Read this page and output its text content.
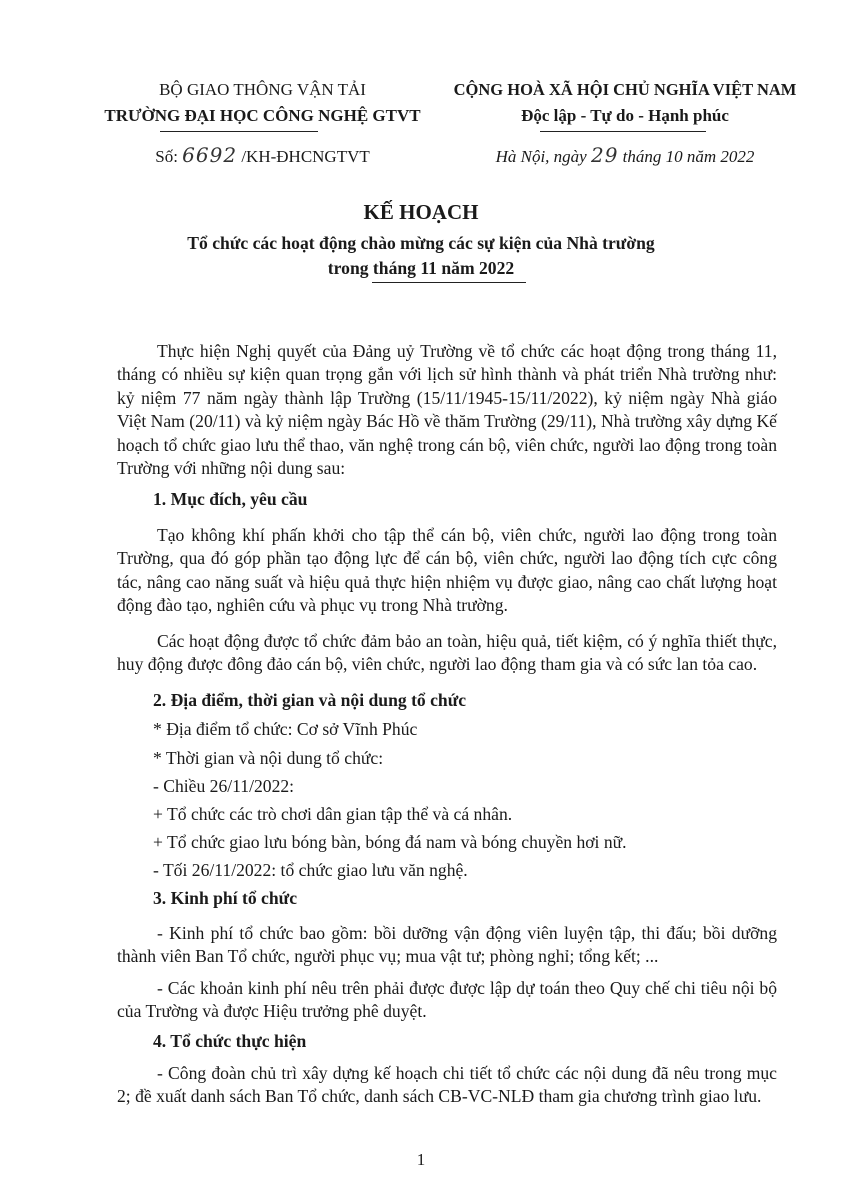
BỘ GIAO THÔNG VẬN TẢI
TRƯỜNG ĐẠI HỌC CÔNG NGHỆ GTVT
Số: 6692 /KH-ĐHCNGTVT
CỘNG HOÀ XÃ HỘI CHỦ NGHĨA VIỆT NAM
Độc lập - Tự do - Hạnh phúc
Hà Nội, ngày 29 tháng 10 năm 2022
KẾ HOẠCH
Tổ chức các hoạt động chào mừng các sự kiện của Nhà trường
trong tháng 11 năm 2022
Thực hiện Nghị quyết của Đảng uỷ Trường về tổ chức các hoạt động trong tháng 11, tháng có nhiều sự kiện quan trọng gắn với lịch sử hình thành và phát triển Nhà trường như: kỷ niệm 77 năm ngày thành lập Trường (15/11/1945-15/11/2022), kỷ niệm ngày Nhà giáo Việt Nam (20/11) và kỷ niệm ngày Bác Hồ về thăm Trường (29/11), Nhà trường xây dựng Kế hoạch tổ chức giao lưu thể thao, văn nghệ trong cán bộ, viên chức, người lao động trong toàn Trường với những nội dung sau:
1. Mục đích, yêu cầu
Tạo không khí phấn khởi cho tập thể cán bộ, viên chức, người lao động trong toàn Trường, qua đó góp phần tạo động lực để cán bộ, viên chức, người lao động tích cực công tác, nâng cao năng suất và hiệu quả thực hiện nhiệm vụ được giao, nâng cao chất lượng hoạt động đào tạo, nghiên cứu và phục vụ trong Nhà trường.
Các hoạt động được tổ chức đảm bảo an toàn, hiệu quả, tiết kiệm, có ý nghĩa thiết thực, huy động được đông đảo cán bộ, viên chức, người lao động tham gia và có sức lan tỏa cao.
2. Địa điểm, thời gian và nội dung tổ chức
* Địa điểm tổ chức: Cơ sở Vĩnh Phúc
* Thời gian và nội dung tổ chức:
- Chiều 26/11/2022:
+ Tổ chức các trò chơi dân gian tập thể và cá nhân.
+ Tổ chức giao lưu bóng bàn, bóng đá nam và bóng chuyền hơi nữ.
- Tối 26/11/2022: tổ chức giao lưu văn nghệ.
3. Kinh phí tổ chức
- Kinh phí tổ chức bao gồm: bồi dưỡng vận động viên luyện tập, thi đấu; bồi dưỡng thành viên Ban Tổ chức, người phục vụ; mua vật tư; phòng nghỉ; tổng kết; ...
- Các khoản kinh phí nêu trên phải được được lập dự toán theo Quy chế chi tiêu nội bộ của Trường và được Hiệu trưởng phê duyệt.
4. Tổ chức thực hiện
- Công đoàn chủ trì xây dựng kế hoạch chi tiết tổ chức các nội dung đã nêu trong mục 2; đề xuất danh sách Ban Tổ chức, danh sách CB-VC-NLĐ tham gia chương trình giao lưu.
1
